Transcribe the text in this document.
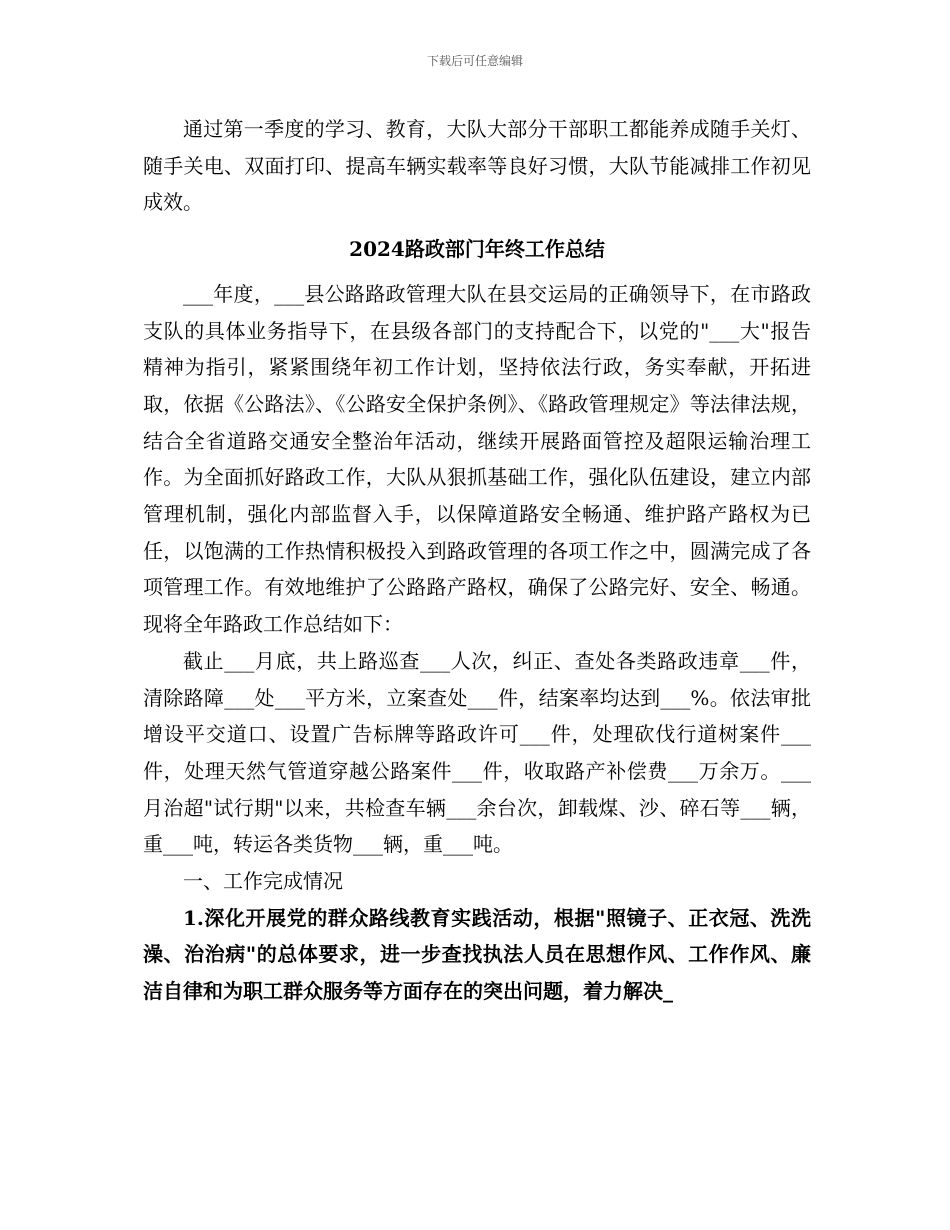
下载后可任意编辑

通过第一季度的学习、教育，大队大部分干部职工都能养成随手关灯、随手关电、双面打印、提高车辆实载率等良好习惯，大队节能减排工作初见成效。

2024路政部门年终工作总结

___年度，___县公路路政管理大队在县交运局的正确领导下，在市路政支队的具体业务指导下，在县级各部门的支持配合下，以党的"___大"报告精神为指引，紧紧围绕年初工作计划，坚持依法行政，务实奉献，开拓进取，依据《公路法》、《公路安全保护条例》、《路政管理规定》等法律法规，结合全省道路交通安全整治年活动，继续开展路面管控及超限运输治理工作。为全面抓好路政工作，大队从狠抓基础工作，强化队伍建设，建立内部管理机制，强化内部监督入手，以保障道路安全畅通、维护路产路权为已任，以饱满的工作热情积极投入到路政管理的各项工作之中，圆满完成了各项管理工作。有效地维护了公路路产路权，确保了公路完好、安全、畅通。现将全年路政工作总结如下：

截止___月底，共上路巡查___人次，纠正、查处各类路政违章___件，清除路障___处___平方米，立案查处___件，结案率均达到___%。依法审批增设平交道口、设置广告标牌等路政许可___件，处理砍伐行道树案件___件，处理天然气管道穿越公路案件___件，收取路产补偿费___万余万。___月治超"试行期"以来，共检查车辆___余台次，卸载煤、沙、碎石等___辆，重___吨，转运各类货物___辆，重___吨。

一、工作完成情况

1.深化开展党的群众路线教育实践活动，根据"照镜子、正衣冠、洗洗澡、治治病"的总体要求，进一步查找执法人员在思想作风、工作作风、廉洁自律和为职工群众服务等方面存在的突出问题，着力解决_
